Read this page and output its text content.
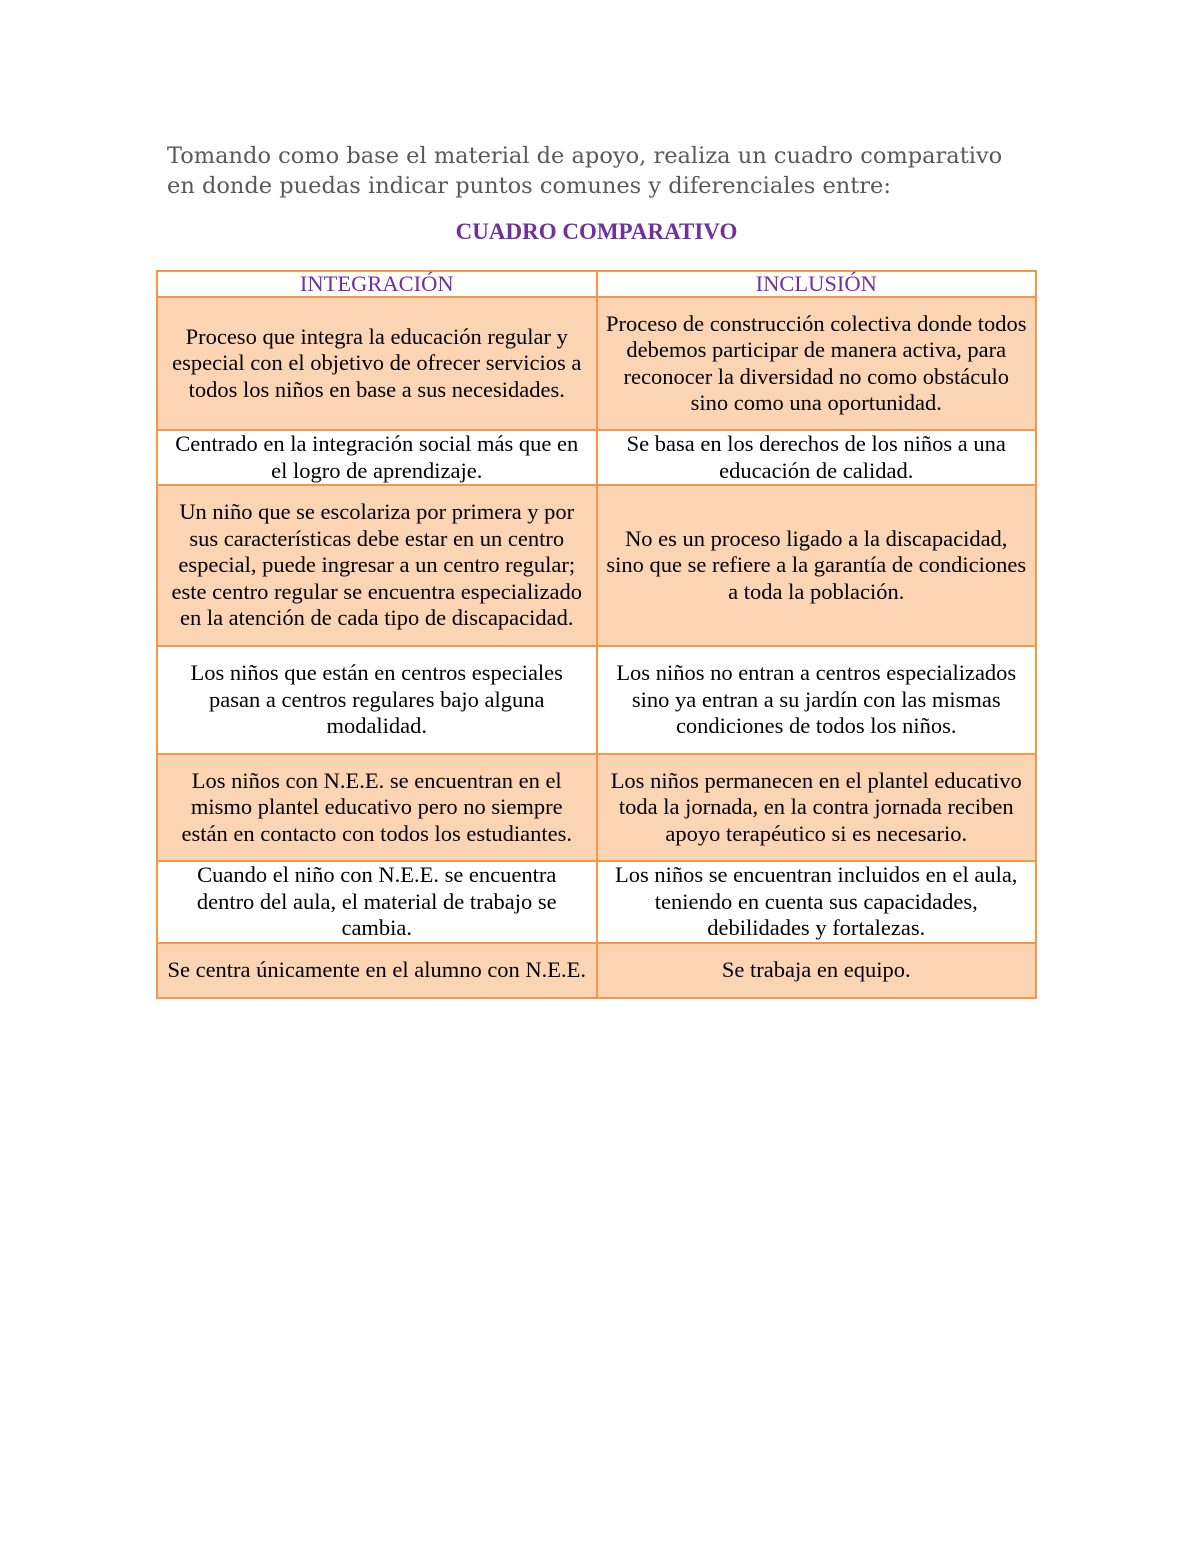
Tomando como base el material de apoyo, realiza un cuadro comparativo
en donde puedas indicar puntos comunes y diferenciales entre:

CUADRO COMPARATIVO
INTEGRACIÓN	INCLUSIÓN
Proceso que integra la educación regular y especial con el objetivo de ofrecer servicios a todos los niños en base a sus necesidades.	Proceso de construcción colectiva donde todos debemos participar de manera activa, para reconocer la diversidad no como obstáculo sino como una oportunidad.
Centrado en la integración social más que en el logro de aprendizaje.	Se basa en los derechos de los niños a una educación de calidad.
Un niño que se escolariza por primera y por sus características debe estar en un centro especial, puede ingresar a un centro regular; este centro regular se encuentra especializado en la atención de cada tipo de discapacidad.	No es un proceso ligado a la discapacidad, sino que se refiere a la garantía de condiciones a toda la población.
Los niños que están en centros especiales pasan a centros regulares bajo alguna modalidad.	Los niños no entran a centros especializados sino ya entran a su jardín con las mismas condiciones de todos los niños.
Los niños con N.E.E. se encuentran en el mismo plantel educativo pero no siempre están en contacto con todos los estudiantes.	Los niños permanecen en el plantel educativo toda la jornada, en la contra jornada reciben apoyo terapéutico si es necesario.
Cuando el niño con N.E.E. se encuentra dentro del aula, el material de trabajo se cambia.	Los niños se encuentran incluidos en el aula, teniendo en cuenta sus capacidades, debilidades y fortalezas.
Se centra únicamente en el alumno con N.E.E.	Se trabaja en equipo.
